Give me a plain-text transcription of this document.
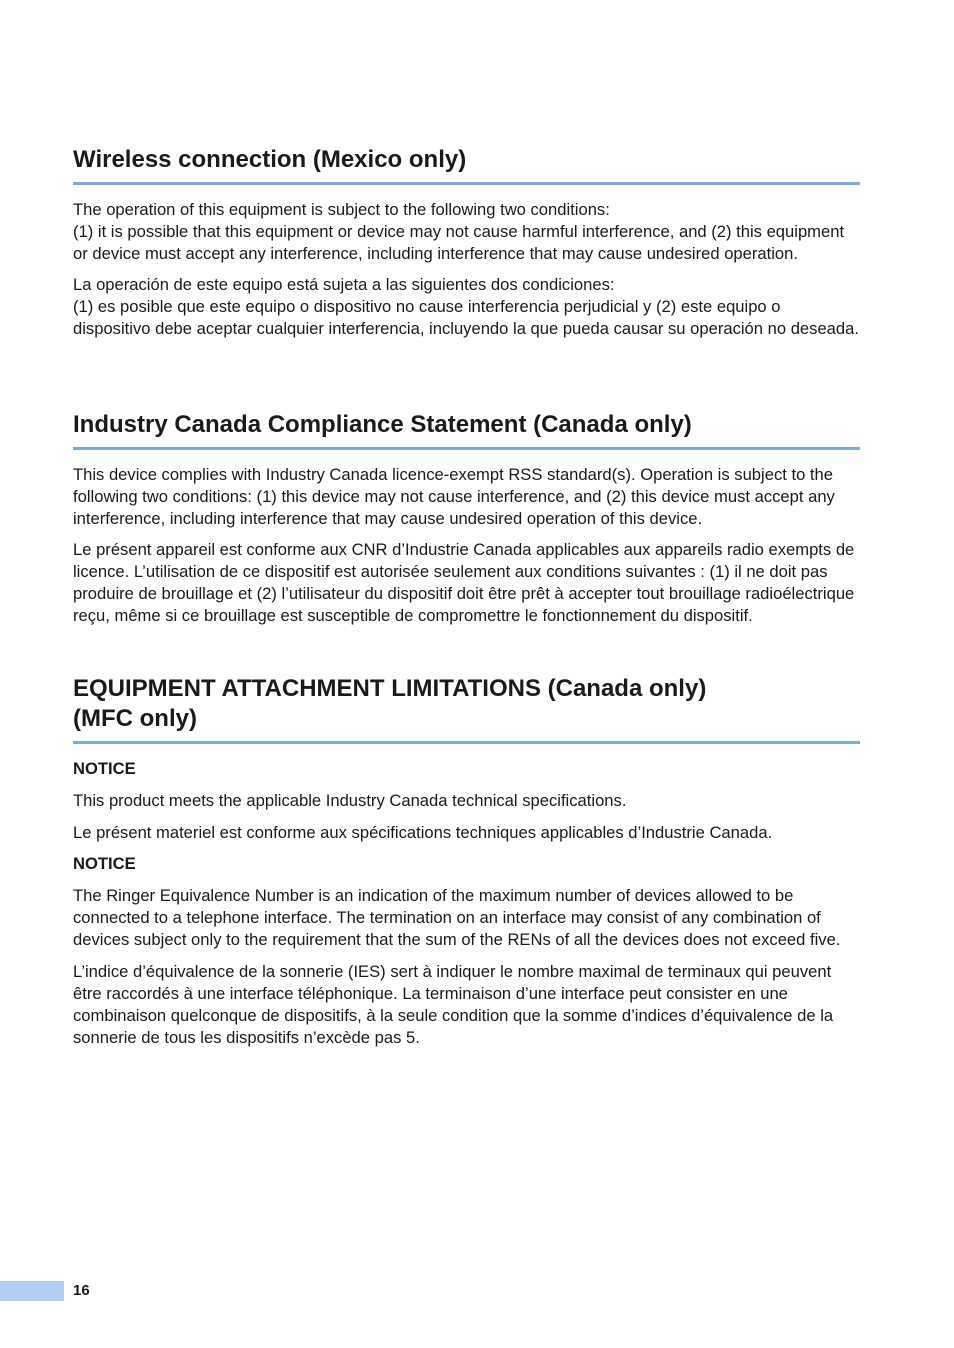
Wireless connection (Mexico only)

The operation of this equipment is subject to the following two conditions:
(1) it is possible that this equipment or device may not cause harmful interference, and (2) this equipment or device must accept any interference, including interference that may cause undesired operation.

La operación de este equipo está sujeta a las siguientes dos condiciones:
(1) es posible que este equipo o dispositivo no cause interferencia perjudicial y (2) este equipo o dispositivo debe aceptar cualquier interferencia, incluyendo la que pueda causar su operación no deseada.

Industry Canada Compliance Statement (Canada only)

This device complies with Industry Canada licence-exempt RSS standard(s). Operation is subject to the following two conditions: (1) this device may not cause interference, and (2) this device must accept any interference, including interference that may cause undesired operation of this device.

Le présent appareil est conforme aux CNR d’Industrie Canada applicables aux appareils radio exempts de licence. L’utilisation de ce dispositif est autorisée seulement aux conditions suivantes : (1) il ne doit pas produire de brouillage et (2) l’utilisateur du dispositif doit être prêt à accepter tout brouillage radioélectrique reçu, même si ce brouillage est susceptible de compromettre le fonctionnement du dispositif.

EQUIPMENT ATTACHMENT LIMITATIONS (Canada only)
(MFC only)

NOTICE

This product meets the applicable Industry Canada technical specifications.

Le présent materiel est conforme aux spécifications techniques applicables d’Industrie Canada.

NOTICE

The Ringer Equivalence Number is an indication of the maximum number of devices allowed to be connected to a telephone interface. The termination on an interface may consist of any combination of devices subject only to the requirement that the sum of the RENs of all the devices does not exceed five.

L’indice d’équivalence de la sonnerie (IES) sert à indiquer le nombre maximal de terminaux qui peuvent être raccordés à une interface téléphonique. La terminaison d’une interface peut consister en une combinaison quelconque de dispositifs, à la seule condition que la somme d’indices d’équivalence de la sonnerie de tous les dispositifs n’excède pas 5.

16
